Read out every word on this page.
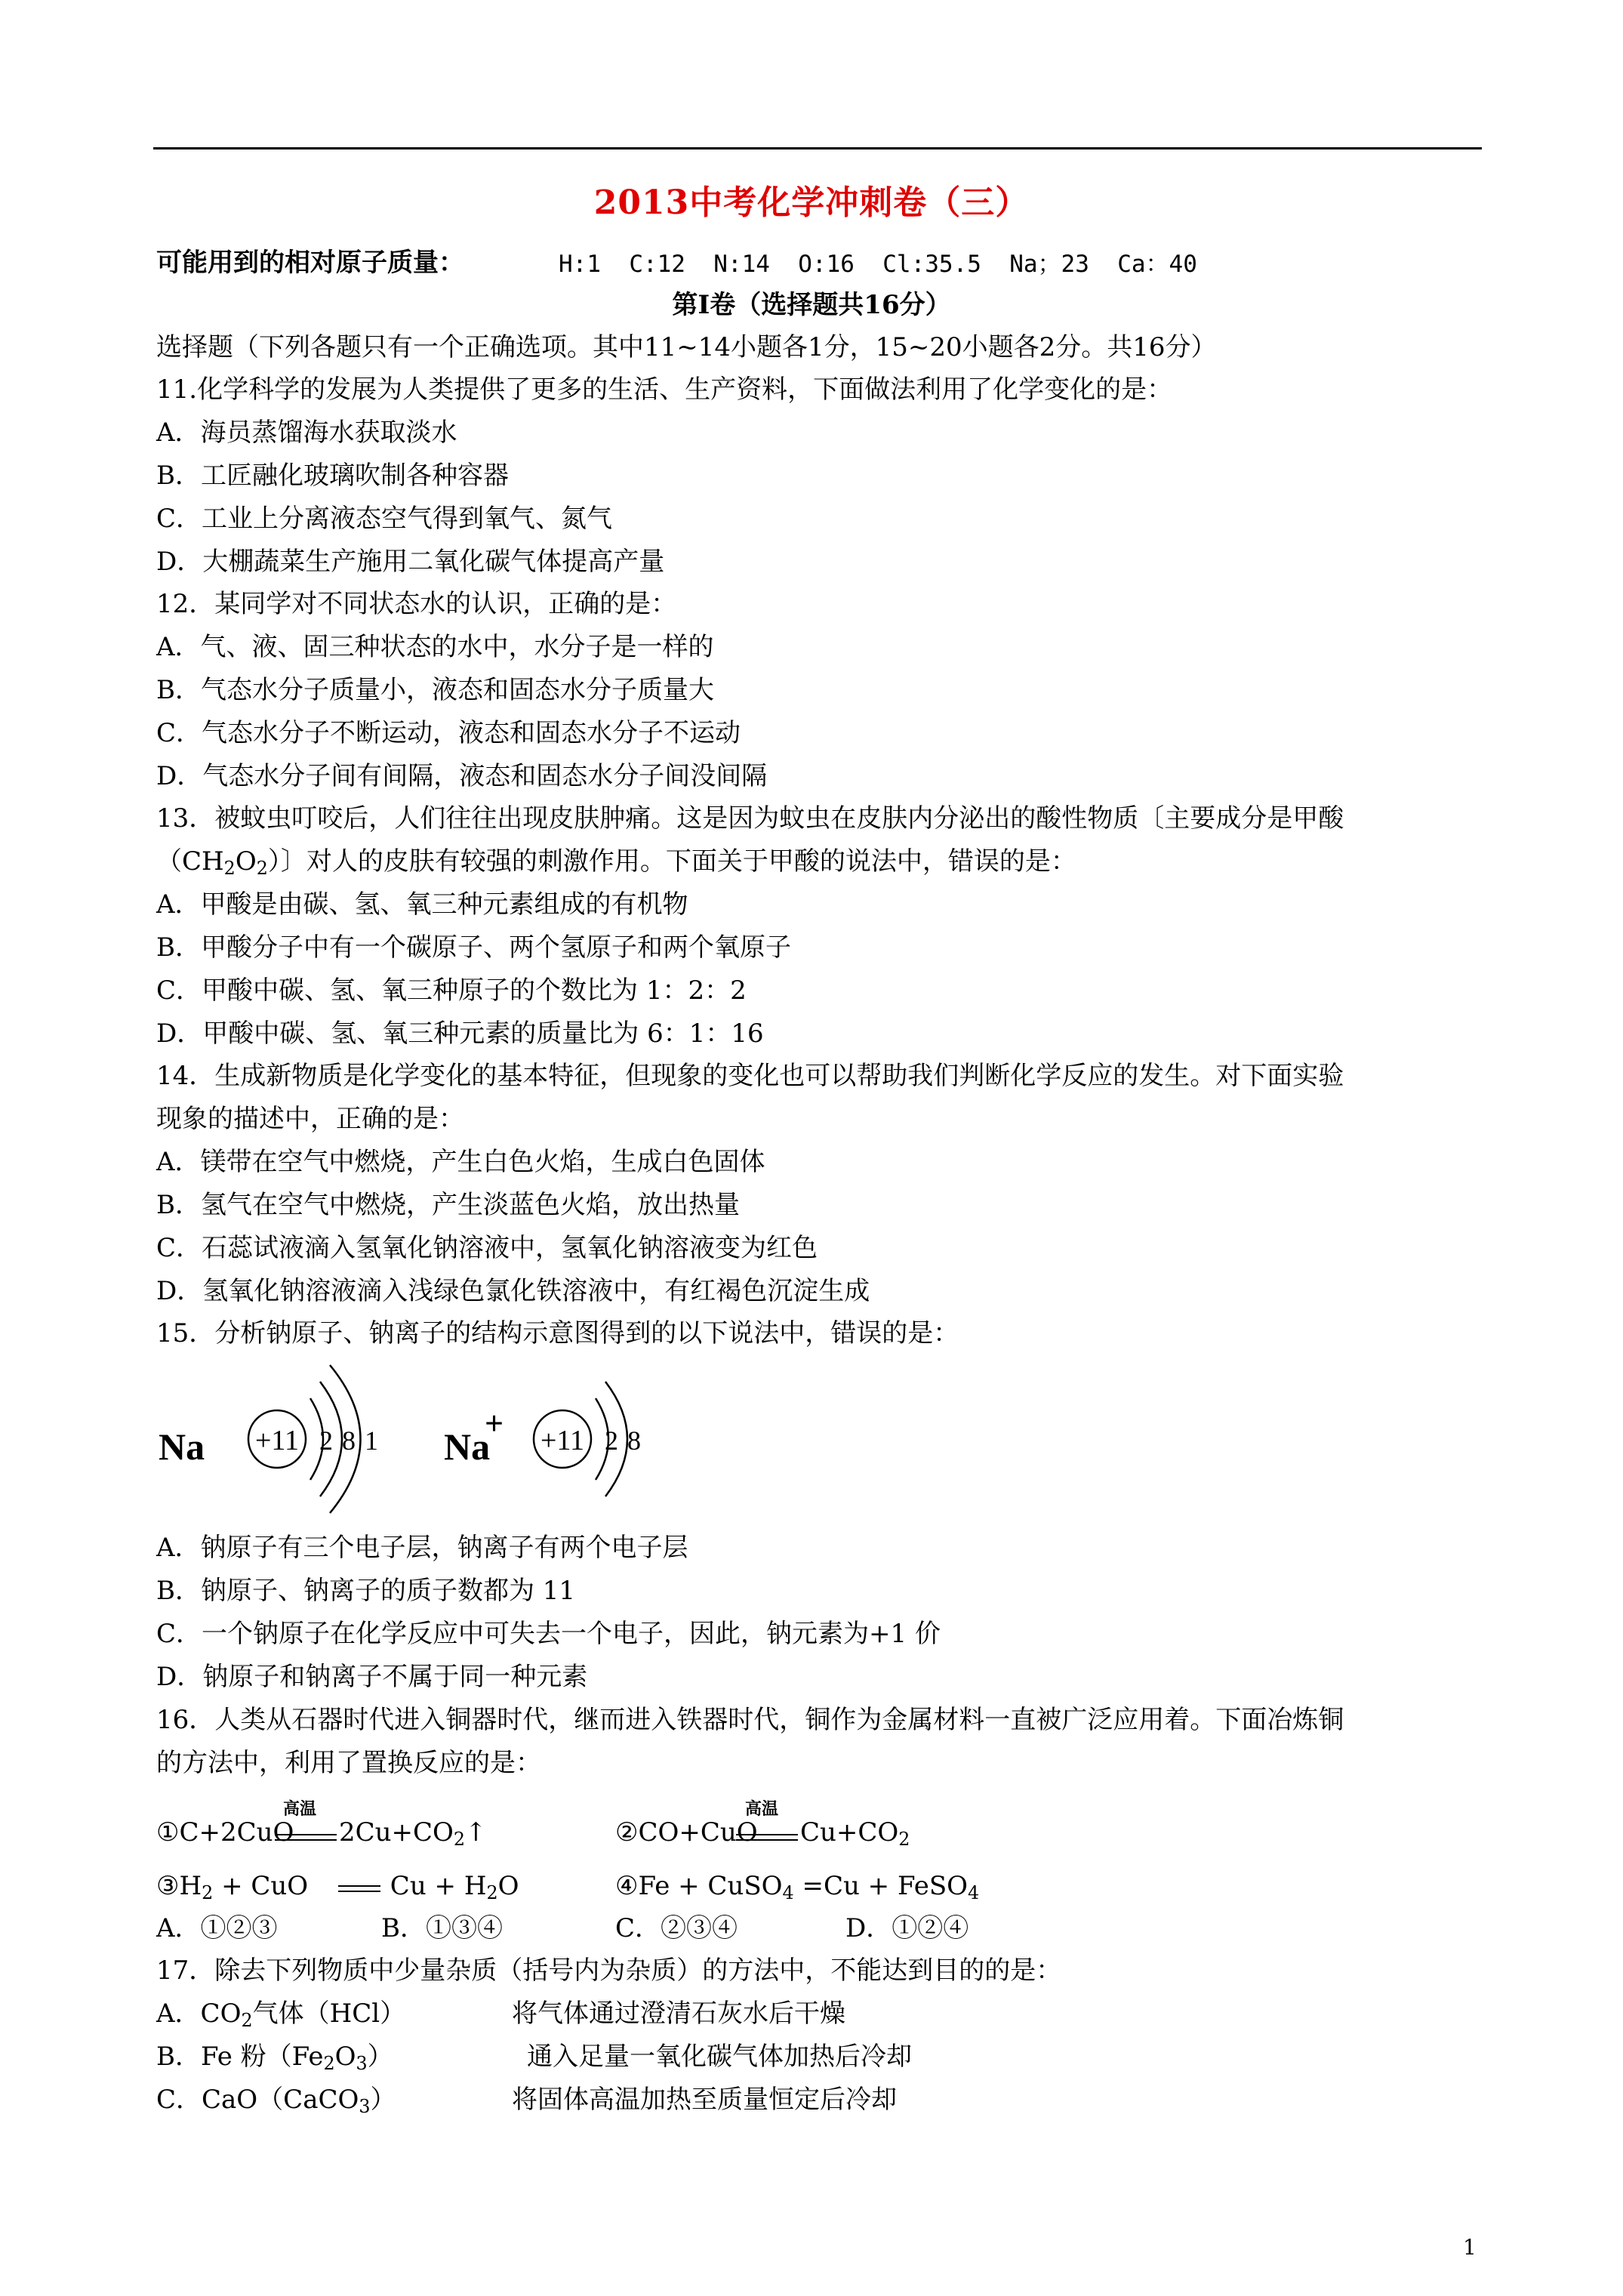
2013中考化学冲刺卷（三）
可能用到的相对原子质量：	H:1  C:12  N:14  O:16  Cl:35.5  Na；23  Ca：40
第Ⅰ卷（选择题共16分）
选择题（下列各题只有一个正确选项。其中11~14小题各1分，15~20小题各2分。共16分）
11.化学科学的发展为人类提供了更多的生活、生产资料，下面做法利用了化学变化的是：
A．海员蒸馏海水获取淡水
B．工匠融化玻璃吹制各种容器
C．工业上分离液态空气得到氧气、氮气
D．大棚蔬菜生产施用二氧化碳气体提高产量
12．某同学对不同状态水的认识，正确的是：
A．气、液、固三种状态的水中，水分子是一样的
B．气态水分子质量小，液态和固态水分子质量大
C．气态水分子不断运动，液态和固态水分子不运动
D．气态水分子间有间隔，液态和固态水分子间没间隔
13．被蚊虫叮咬后，人们往往出现皮肤肿痛。这是因为蚊虫在皮肤内分泌出的酸性物质〔主要成分是甲酸
（CH2O2）〕对人的皮肤有较强的刺激作用。下面关于甲酸的说法中，错误的是：
A．甲酸是由碳、氢、氧三种元素组成的有机物
B．甲酸分子中有一个碳原子、两个氢原子和两个氧原子
C．甲酸中碳、氢、氧三种原子的个数比为 1：2：2
D．甲酸中碳、氢、氧三种元素的质量比为 6：1：16
14．生成新物质是化学变化的基本特征，但现象的变化也可以帮助我们判断化学反应的发生。对下面实验
现象的描述中，正确的是：
A．镁带在空气中燃烧，产生白色火焰，生成白色固体
B．氢气在空气中燃烧，产生淡蓝色火焰，放出热量
C．石蕊试液滴入氢氧化钠溶液中，氢氧化钠溶液变为红色
D．氢氧化钠溶液滴入浅绿色氯化铁溶液中，有红褐色沉淀生成
15．分析钠原子、钠离子的结构示意图得到的以下说法中，错误的是：
Na +11 2 8 1 Na
+ +11 2 8
A．钠原子有三个电子层，钠离子有两个电子层
B．钠原子、钠离子的质子数都为 11
C．一个钠原子在化学反应中可失去一个电子，因此，钠元素为+1 价
D．钠原子和钠离子不属于同一种元素
16．人类从石器时代进入铜器时代，继而进入铁器时代，铜作为金属材料一直被广泛应用着。下面冶炼铜
的方法中，利用了置换反应的是：
①C+2CuO
高温
2Cu+CO2↑	②CO+CuO
高温
Cu+CO2
③H2 + CuO	Cu + H2O	④Fe + CuSO4 =Cu + FeSO4
A．①②③	B．①③④	C．②③④	D．①②④
17．除去下列物质中少量杂质（括号内为杂质）的方法中，不能达到目的的是：
A．CO2气体（HCl）	将气体通过澄清石灰水后干燥
B．Fe 粉（Fe2O3）	通入足量一氧化碳气体加热后冷却
C．CaO（CaCO3）	将固体高温加热至质量恒定后冷却
1
